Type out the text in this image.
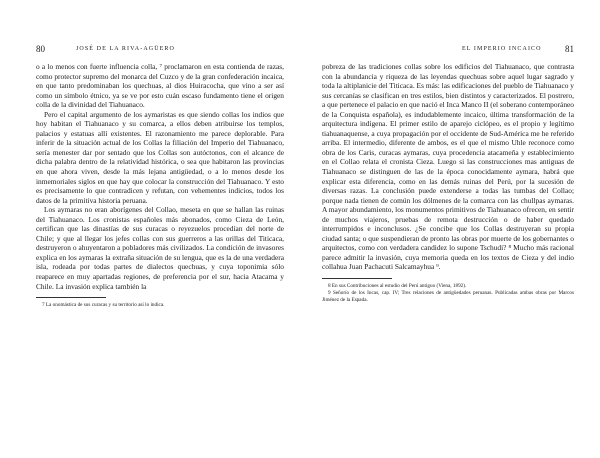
80	JOSÉ DE LA RIVA-AGÜERO

o a lo menos con fuerte influencia colla, ⁷ proclamaron en esta contienda de razas, como protector supremo del monarca del Cuzco y de la gran confederación incaica, en que tanto predominaban los quechuas, al dios Huiracocha, que vino a ser así como un símbolo étnico, ya se ve por esto cuán escaso fundamento tiene el origen colla de la divinidad del Tiahuanaco.

Pero el capital argumento de los aymaristas es que siendo collas los indios que hoy habitan el Tiahuanaco y su comarca, a ellos deben atribuirse los templos, palacios y estatuas allí existentes. El razonamiento me parece deplorable. Para inferir de la situación actual de los Collas la filiación del Imperio del Tiahuanaco, sería menester dar por sentado que los Collas son autóctonos, con el alcance de dicha palabra dentro de la relatividad histórica, o sea que habitaron las provincias en que ahora viven, desde la más lejana antigüedad, o a lo menos desde los inmemoriales siglos en que hay que colocar la construcción del Tiahuanaco. Y esto es precisamente lo que contradicen y refutan, con vehementes indicios, todos los datos de la primitiva historia peruana.

Los aymaras no eran aborígenes del Collao, meseta en que se hallan las ruinas del Tiahuanaco. Los cronistas españoles más abonados, como Cieza de León, certifican que las dinastías de sus curacas o reyezuelos procedían del norte de Chile; y que al llegar los jefes collas con sus guerreros a las orillas del Titicaca, destruyeron o ahuyentaron a pobladores más civilizados. La condición de invasores explica en los aymaras la extraña situación de su lengua, que es la de una verdadera isla, rodeada por todas partes de dialectos quechuas, y cuya toponimia sólo reaparece en muy apartadas regiones, de preferencia por el sur, hacia Atacama y Chile. La invasión explica también la

7 La onomástica de sus curacas y su territorio así lo indica.

EL IMPERIO INCAICO	81

pobreza de las tradiciones collas sobre los edificios del Tiahuanaco, que contrasta con la abundancia y riqueza de las leyendas quechuas sobre aquel lugar sagrado y toda la altiplanicie del Titicaca. Es más: las edificaciones del pueblo de Tiahuanaco y sus cercanías se clasifican en tres estilos, bien distintos y caracterizados. El postrero, a que pertenece el palacio en que nació el Inca Manco II (el soberano contemporáneo de la Conquista española), es indudablemente incaico, última transformación de la arquitectura indígena. El primer estilo de aparejo ciclópeo, es el propio y legítimo tiahuanaquense, a cuya propagación por el occidente de Sud-América me he referido arriba. El intermedio, diferente de ambos, es el que el mismo Uhle reconoce como obra de los Caris, curacas aymaras, cuya procedencia atacameña y establecimiento en el Collao relata el cronista Cieza. Luego si las construcciones mas antiguas de Tiahuanaco se distinguen de las de la época conocidamente aymara, habrá que explicar esta diferencia, como en las demás ruinas del Perú, por la sucesión de diversas razas. La conclusión puede extenderse a todas las tumbas del Collao; porque nada tienen de común los dólmenes de la comarca con las chullpas aymaras. A mayor abundamiento, los monumentos primitivos de Tiahuanaco ofrecen, en sentir de muchos viajeros, pruebas de remota destrucción o de haber quedado interrumpidos e inconclusos. ¿Se concibe que los Collas destruyeran su propia ciudad santa; o que suspendieran de pronto las obras por muerte de los gobernantes o arquitectos, como con verdadera candidez lo supone Tschudi? ⁸ Mucho más racional parece admitir la invasión, cuya memoria queda en los textos de Cieza y del indio collahua Juan Pachacuti Salcamayhua ⁹.

8 En sus Contribuciones al estudio del Perú antiguo (Viena, 1892).

9 Señorío de los Incas, cap. IV; Tres relaciones de antigüedades peruanas. Publicadas ambas obras por Marcos Jiménez de la Espada.
